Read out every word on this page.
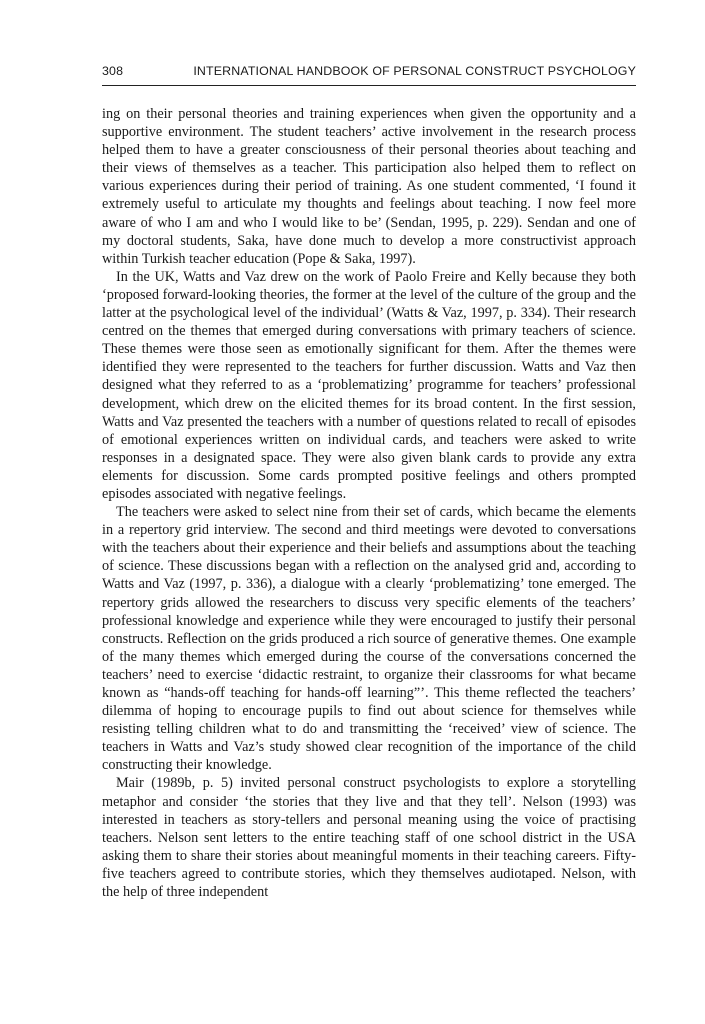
308	INTERNATIONAL HANDBOOK OF PERSONAL CONSTRUCT PSYCHOLOGY

ing on their personal theories and training experiences when given the opportunity and a supportive environment. The student teachers’ active involvement in the research process helped them to have a greater consciousness of their personal theories about teaching and their views of themselves as a teacher. This participation also helped them to reflect on various experiences during their period of training. As one student commented, ‘I found it extremely useful to articulate my thoughts and feelings about teaching. I now feel more aware of who I am and who I would like to be’ (Sendan, 1995, p. 229). Sendan and one of my doctoral students, Saka, have done much to develop a more constructivist approach within Turkish teacher education (Pope & Saka, 1997).

In the UK, Watts and Vaz drew on the work of Paolo Freire and Kelly because they both ‘proposed forward-looking theories, the former at the level of the culture of the group and the latter at the psychological level of the individual’ (Watts & Vaz, 1997, p. 334). Their research centred on the themes that emerged during conversations with primary teachers of science. These themes were those seen as emotionally significant for them. After the themes were identified they were represented to the teachers for further discussion. Watts and Vaz then designed what they referred to as a ‘problematizing’ programme for teachers’ professional development, which drew on the elicited themes for its broad content. In the first session, Watts and Vaz presented the teachers with a number of questions related to recall of episodes of emotional experiences written on individual cards, and teachers were asked to write responses in a designated space. They were also given blank cards to provide any extra elements for discussion. Some cards prompted positive feelings and others prompted episodes associated with negative feelings.

The teachers were asked to select nine from their set of cards, which became the elements in a repertory grid interview. The second and third meetings were devoted to conversations with the teachers about their experience and their beliefs and assumptions about the teaching of science. These discussions began with a reflection on the analysed grid and, according to Watts and Vaz (1997, p. 336), a dialogue with a clearly ‘problematizing’ tone emerged. The repertory grids allowed the researchers to discuss very specific elements of the teachers’ professional knowledge and experience while they were encouraged to justify their personal constructs. Reflection on the grids produced a rich source of generative themes. One example of the many themes which emerged during the course of the conversations concerned the teachers’ need to exercise ‘didactic restraint, to organize their classrooms for what became known as “hands-off teaching for hands-off learning”’. This theme reflected the teachers’ dilemma of hoping to encourage pupils to find out about science for themselves while resisting telling children what to do and transmitting the ‘received’ view of science. The teachers in Watts and Vaz’s study showed clear recognition of the importance of the child constructing their knowledge.

Mair (1989b, p. 5) invited personal construct psychologists to explore a storytelling metaphor and consider ‘the stories that they live and that they tell’. Nelson (1993) was interested in teachers as story-tellers and personal meaning using the voice of practising teachers. Nelson sent letters to the entire teaching staff of one school district in the USA asking them to share their stories about meaningful moments in their teaching careers. Fifty-five teachers agreed to contribute stories, which they themselves audiotaped. Nelson, with the help of three independent
